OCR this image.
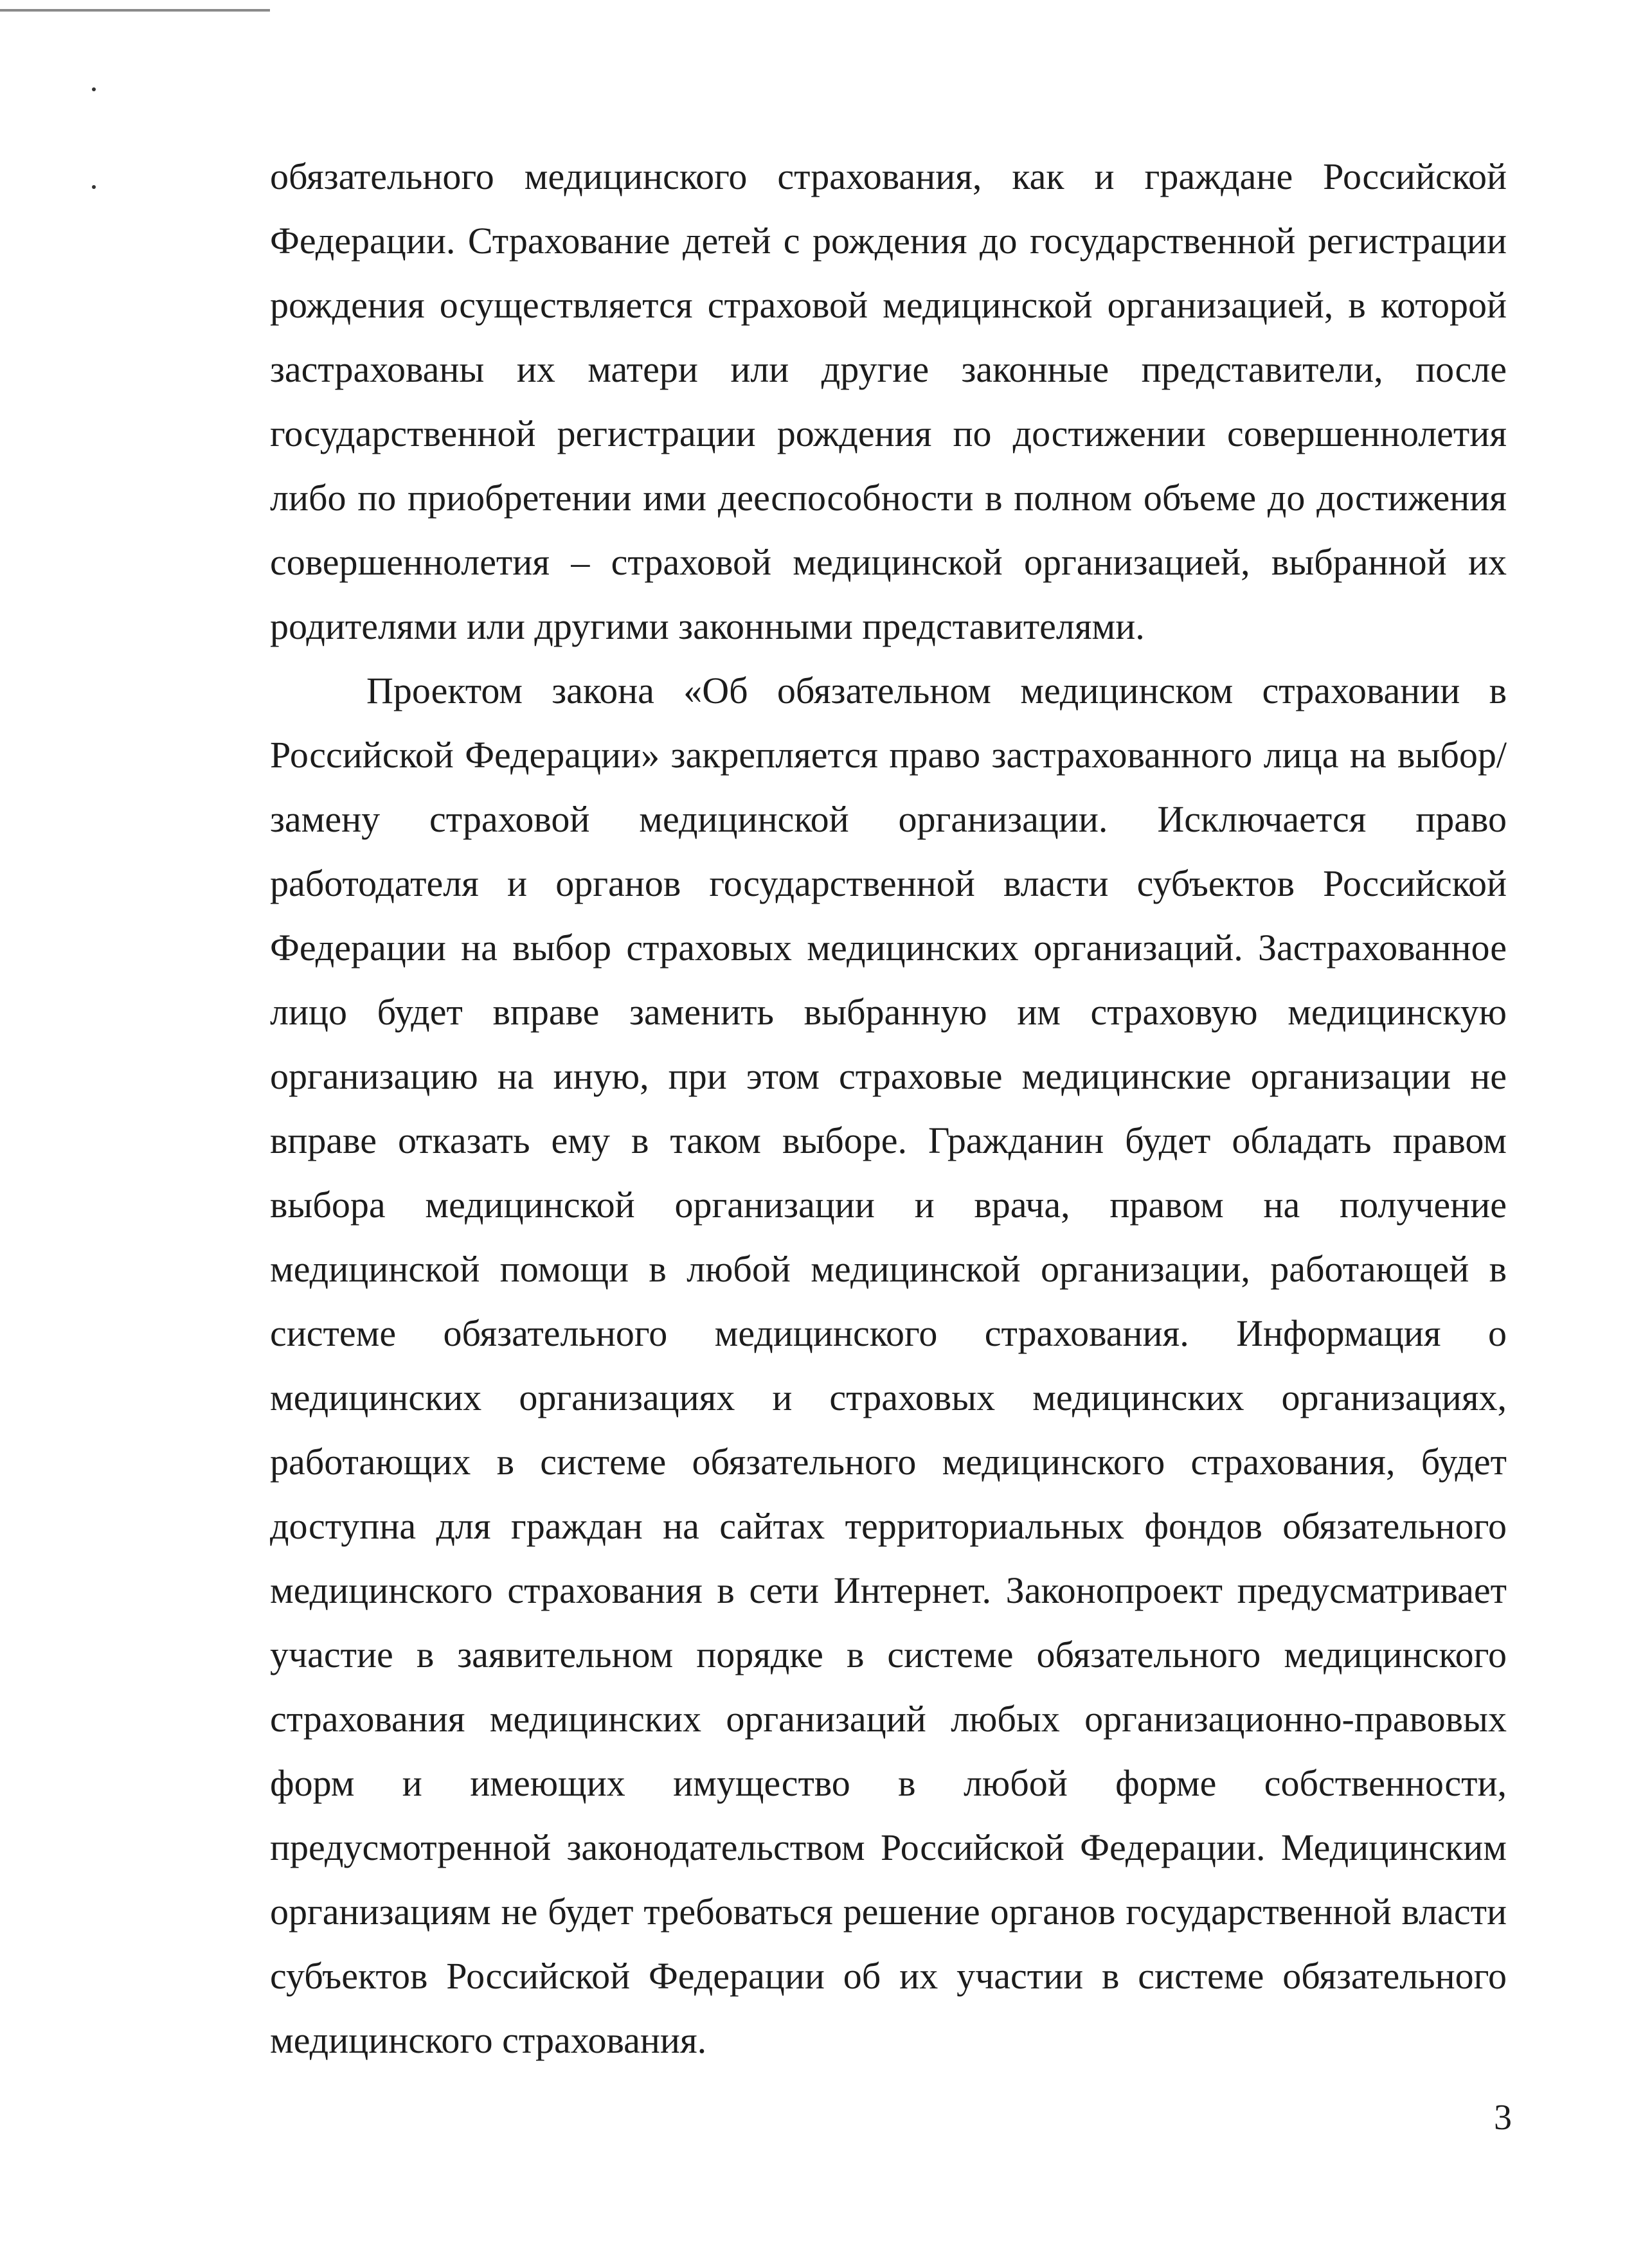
обязательного медицинского страхования, как и граждане Российской Федерации. Страхование детей с рождения до государственной регистрации рождения осуществляется страховой медицинской организацией, в которой застрахованы их матери или другие законные представители, после государственной регистрации рождения по достижении совершеннолетия либо по приобретении ими дееспособности в полном объеме до достижения совершеннолетия – страховой медицинской организацией, выбранной их родителями или другими законными представителями.

Проектом закона «Об обязательном медицинском страховании в Российской Федерации» закрепляется право застрахованного лица на выбор/замену страховой медицинской организации. Исключается право работодателя и органов государственной власти субъектов Российской Федерации на выбор страховых медицинских организаций. Застрахованное лицо будет вправе заменить выбранную им страховую медицинскую организацию на иную, при этом страховые медицинские организации не вправе отказать ему в таком выборе. Гражданин будет обладать правом выбора медицинской организации и врача, правом на получение медицинской помощи в любой медицинской организации, работающей в системе обязательного медицинского страхования. Информация о медицинских организациях и страховых медицинских организациях, работающих в системе обязательного медицинского страхования, будет доступна для граждан на сайтах территориальных фондов обязательного медицинского страхования в сети Интернет. Законопроект предусматривает участие в заявительном порядке в системе обязательного медицинского страхования медицинских организаций любых организационно-правовых форм и имеющих имущество в любой форме собственности, предусмотренной законодательством Российской Федерации. Медицинским организациям не будет требоваться решение органов государственной власти субъектов Российской Федерации об их участии в системе обязательного медицинского страхования.

3
